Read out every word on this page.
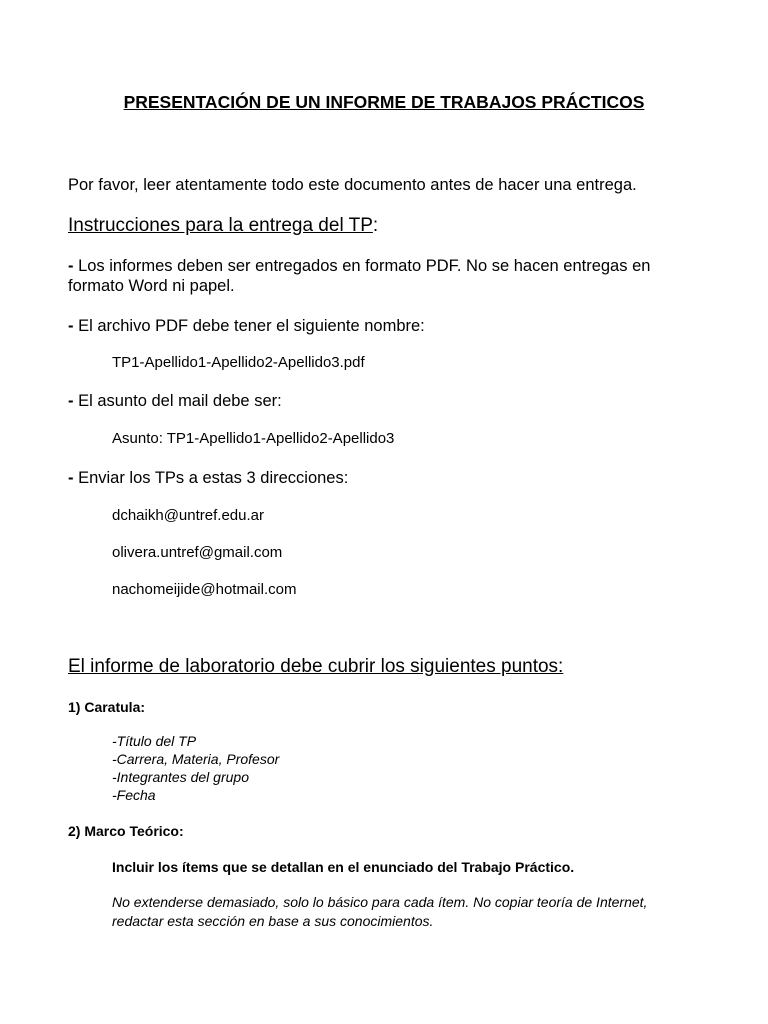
PRESENTACIÓN DE UN INFORME DE TRABAJOS PRÁCTICOS
Por favor, leer atentamente todo este documento antes de hacer una entrega.
Instrucciones para la entrega del TP:
- Los informes deben ser entregados en formato PDF. No se hacen entregas en
formato Word ni papel.
- El archivo PDF debe tener el siguiente nombre:
TP1-Apellido1-Apellido2-Apellido3.pdf
- El asunto del mail debe ser:
Asunto: TP1-Apellido1-Apellido2-Apellido3
- Enviar los TPs a estas 3 direcciones:
dchaikh@untref.edu.ar
olivera.untref@gmail.com
nachomeijide@hotmail.com
El informe de laboratorio debe cubrir los siguientes puntos:
1) Caratula:
-Título del TP
-Carrera, Materia, Profesor
-Integrantes del grupo
-Fecha
2) Marco Teórico:
Incluir los ítems que se detallan en el enunciado del Trabajo Práctico.
No extenderse demasiado, solo lo básico para cada ítem. No copiar teoría de Internet,
redactar esta sección en base a sus conocimientos.
